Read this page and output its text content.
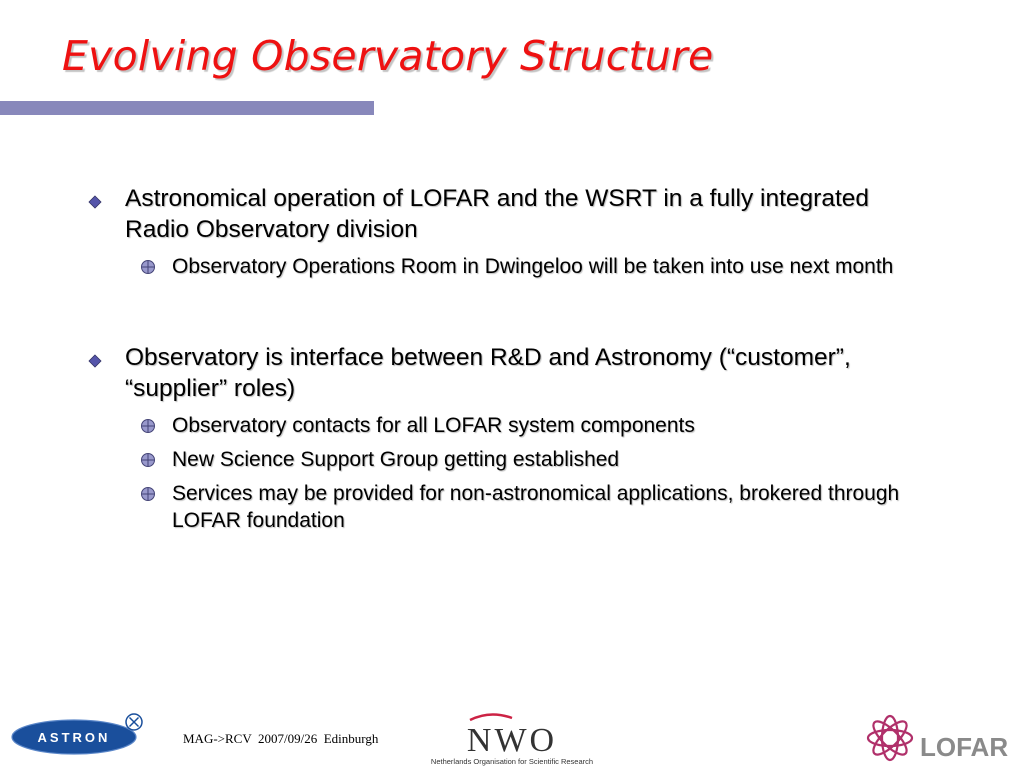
Evolving Observatory Structure
Astronomical operation of LOFAR and the WSRT in a fully integrated Radio Observatory division
Observatory Operations Room in Dwingeloo will be taken into use next month
Observatory is interface between R&D and Astronomy (“customer”, “supplier” roles)
Observatory contacts for all LOFAR system components
New Science Support Group getting established
Services may be provided for non-astronomical applications, brokered through LOFAR foundation
ASTRON	MAG->RCV  2007/09/26  Edinburgh	NWO
Netherlands Organisation for Scientific Research	LOFAR
